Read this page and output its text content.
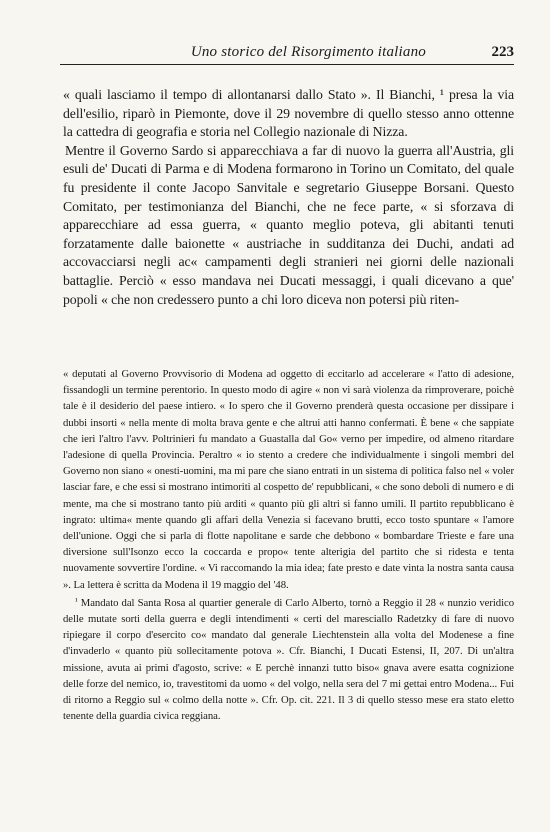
Uno storico del Risorgimento italiano	223

« quali lasciamo il tempo di allontanarsi dallo Stato ». Il Bianchi, ¹ presa la via dell'esilio, riparò in Piemonte, dove il 29 novembre di quello stesso anno ottenne la cattedra di geografia e storia nel Collegio nazionale di Nizza.

Mentre il Governo Sardo si apparecchiava a far di nuovo la guerra all'Austria, gli esuli de' Ducati di Parma e di Modena formarono in Torino un Comitato, del quale fu presidente il conte Jacopo Sanvitale e segretario Giuseppe Borsani. Questo Comitato, per testimonianza del Bianchi, che ne fece parte, « si sforzava di apparecchiare ad essa guerra, « quanto meglio poteva, gli abitanti tenuti forzatamente dalle baionette « austriache in sudditanza dei Duchi, andati ad accovacciarsi negli ac« campamenti degli stranieri nei giorni delle nazionali battaglie. Perciò « esso mandava nei Ducati messaggi, i quali dicevano a que' popoli « che non credessero punto a chi loro diceva non potersi più riten-

« deputati al Governo Provvisorio di Modena ad oggetto di eccitarlo ad accelerare « l'atto di adesione, fissandogli un termine perentorio. In questo modo di agire « non vi sarà violenza da rimproverare, poichè tale è il desiderio del paese intiero. « Io spero che il Governo prenderà questa occasione per dissipare i dubbi insorti « nella mente di molta brava gente e che altrui atti hanno confermati. È bene « che sappiate che ieri l'altro l'avv. Poltrinieri fu mandato a Guastalla dal Go« verno per impedire, od almeno ritardare l'adesione di quella Provincia. Peraltro « io stento a credere che individualmente i singoli membri del Governo non siano « onesti-uomini, ma mi pare che siano entrati in un sistema di politica falso nel « voler lasciar fare, e che essi si mostrano intimoriti al cospetto de' repubblicani, « che sono deboli di numero e di mente, ma che si mostrano tanto più arditi « quanto più gli altri si fanno umili. Il partito repubblicano è ingrato: ultima« mente quando gli affari della Venezia si facevano brutti, ecco tosto spuntare « l'amore dell'unione. Oggi che si parla di flotte napolitane e sarde che debbono « bombardare Trieste e fare una diversione sull'Isonzo ecco la coccarda e propo« tente alterigia del partito che si ridesta e tenta nuovamente sovvertire l'ordine. « Vi raccomando la mia idea; fate presto e date vinta la nostra santa causa ». La lettera è scritta da Modena il 19 maggio del '48.

¹ Mandato dal Santa Rosa al quartier generale di Carlo Alberto, tornò a Reggio il 28 « nunzio veridico delle mutate sorti della guerra e degli intendimenti « certi del maresciallo Radetzky di fare di nuovo ripiegare il corpo d'esercito co« mandato dal generale Liechtenstein alla volta del Modenese a fine d'invaderlo « quanto più sollecitamente potova ». Cfr. Bianchi, I Ducati Estensi, II, 207. Di un'altra missione, avuta ai primi d'agosto, scrive: « E perchè innanzi tutto biso« gnava avere esatta cognizione delle forze del nemico, io, travestitomi da uomo « del volgo, nella sera del 7 mi gettai entro Modena... Fui di ritorno a Reggio sul « colmo della notte ». Cfr. Op. cit. 221. Il 3 di quello stesso mese era stato eletto tenente della guardia civica reggiana.
